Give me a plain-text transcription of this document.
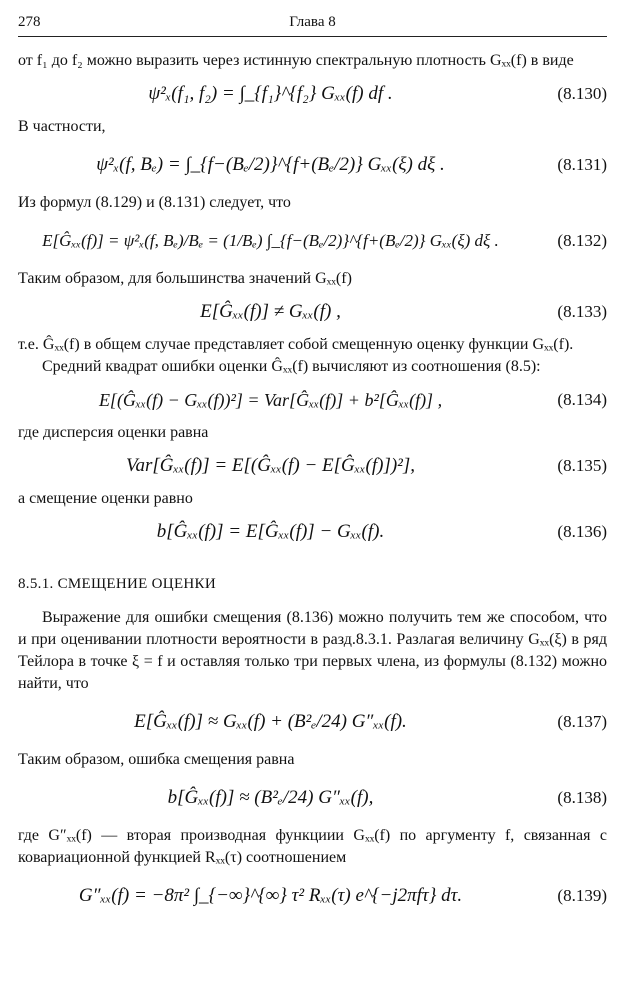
278	Глава 8

от f₁ до f₂ можно выразить через истинную спектральную плотность Gₓₓ(f) в виде

ψ²ₓ(f₁, f₂) = ∫_{f₁}^{f₂} Gₓₓ(f) df .	(8.130)

В частности,

ψ²ₓ(f, Bₑ) = ∫_{f−(Bₑ/2)}^{f+(Bₑ/2)} Gₓₓ(ξ) dξ .	(8.131)

Из формул (8.129) и (8.131) следует, что

E[Ĝₓₓ(f)] = ψ²ₓ(f, Bₑ)/Bₑ = (1/Bₑ) ∫_{f−(Bₑ/2)}^{f+(Bₑ/2)} Gₓₓ(ξ) dξ .	(8.132)

Таким образом, для большинства значений Gₓₓ(f)

E[Ĝₓₓ(f)] ≠ Gₓₓ(f) ,	(8.133)

т.е. Ĝₓₓ(f) в общем случае представляет собой смещенную оценку функции Gₓₓ(f).

Средний квадрат ошибки оценки Ĝₓₓ(f) вычисляют из соотношения (8.5):

E[(Ĝₓₓ(f) − Gₓₓ(f))²] = Var[Ĝₓₓ(f)] + b²[Ĝₓₓ(f)] ,	(8.134)

где дисперсия оценки равна

Var[Ĝₓₓ(f)] = E[(Ĝₓₓ(f) − E[Ĝₓₓ(f)])²],	(8.135)

а смещение оценки равно

b[Ĝₓₓ(f)] = E[Ĝₓₓ(f)] − Gₓₓ(f).	(8.136)
8.5.1. СМЕЩЕНИЕ ОЦЕНКИ

Выражение для ошибки смещения (8.136) можно получить тем же способом, что и при оценивании плотности вероятности в разд.8.3.1. Разлагая величину Gₓₓ(ξ) в ряд Тейлора в точке ξ = f и оставляя только три первых члена, из формулы (8.132) можно найти, что

E[Ĝₓₓ(f)] ≈ Gₓₓ(f) + (B²ₑ/24) G″ₓₓ(f).	(8.137)

Таким образом, ошибка смещения равна

b[Ĝₓₓ(f)] ≈ (B²ₑ/24) G″ₓₓ(f),	(8.138)

где G″ₓₓ(f) — вторая производная функциии Gₓₓ(f) по аргументу f, связанная с ковариационной функцией Rₓₓ(τ) соотношением

G″ₓₓ(f) = −8π² ∫_{−∞}^{∞} τ² Rₓₓ(τ) e^{−j2πfτ} dτ.	(8.139)
